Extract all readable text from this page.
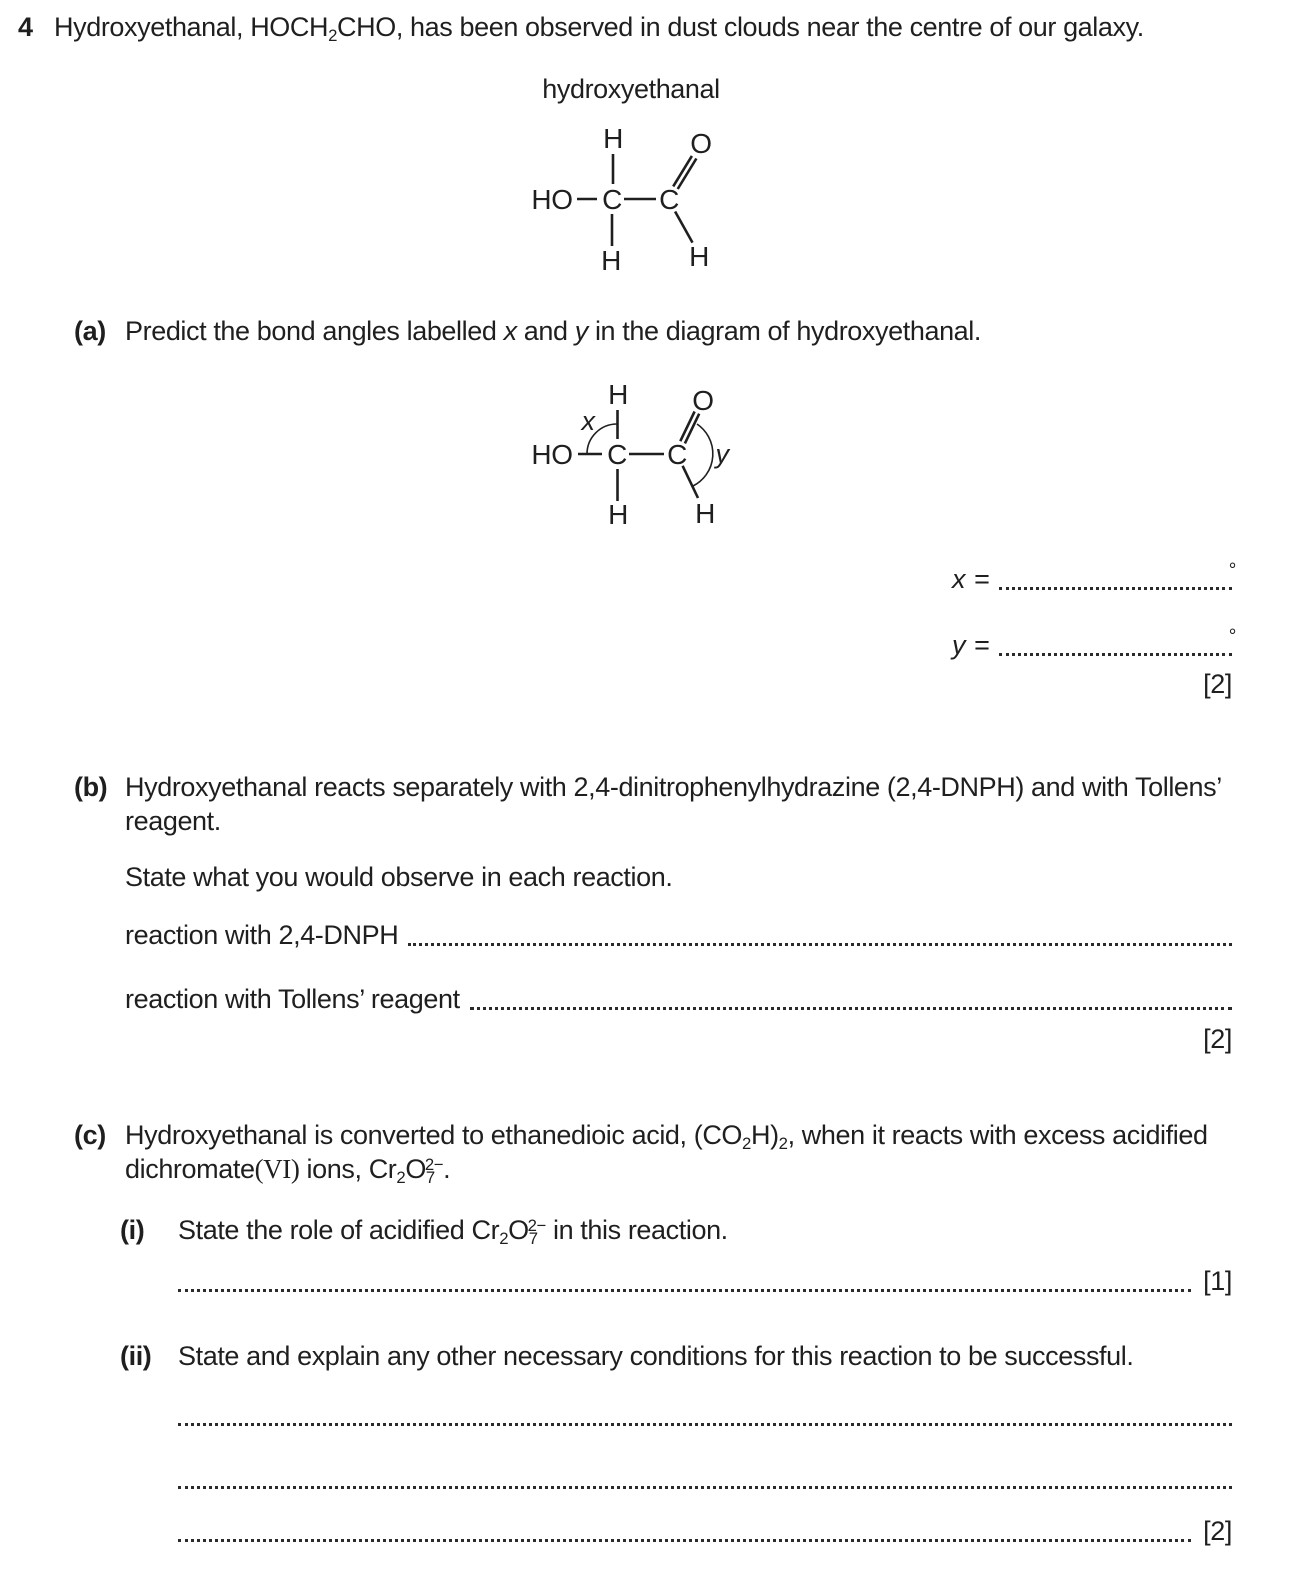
4 Hydroxyethanal, $HOCH_2CHO$, has been observed in dust clouds near the centre of our galaxy.
hydroxyethanal
H
HO C C
H
O
H
(a) Predict the bond angles labelled x and y in the diagram of hydroxyethanal.
H
HO C C
H
O
H
x
y
x =	°
y =	°
[2]
(b) Hydroxyethanal reacts separately with 2,4-dinitrophenylhydrazine (2,4-DNPH) and with Tollens’
reagent.
State what you would observe in each reaction.
reaction with 2,4-DNPH
reaction with Tollens’ reagent
[2]
(c) Hydroxyethanal is converted to ethanedioic acid, $(CO_2H)_2$, when it reacts with excess acidified
dichromate(VI) ions, $Cr_2O_7^{2-}$.
(i)	State the role of acidified $Cr_2O_7^{2-}$ in this reaction.
[1]
(ii) State and explain any other necessary conditions for this reaction to be successful.
[2]
